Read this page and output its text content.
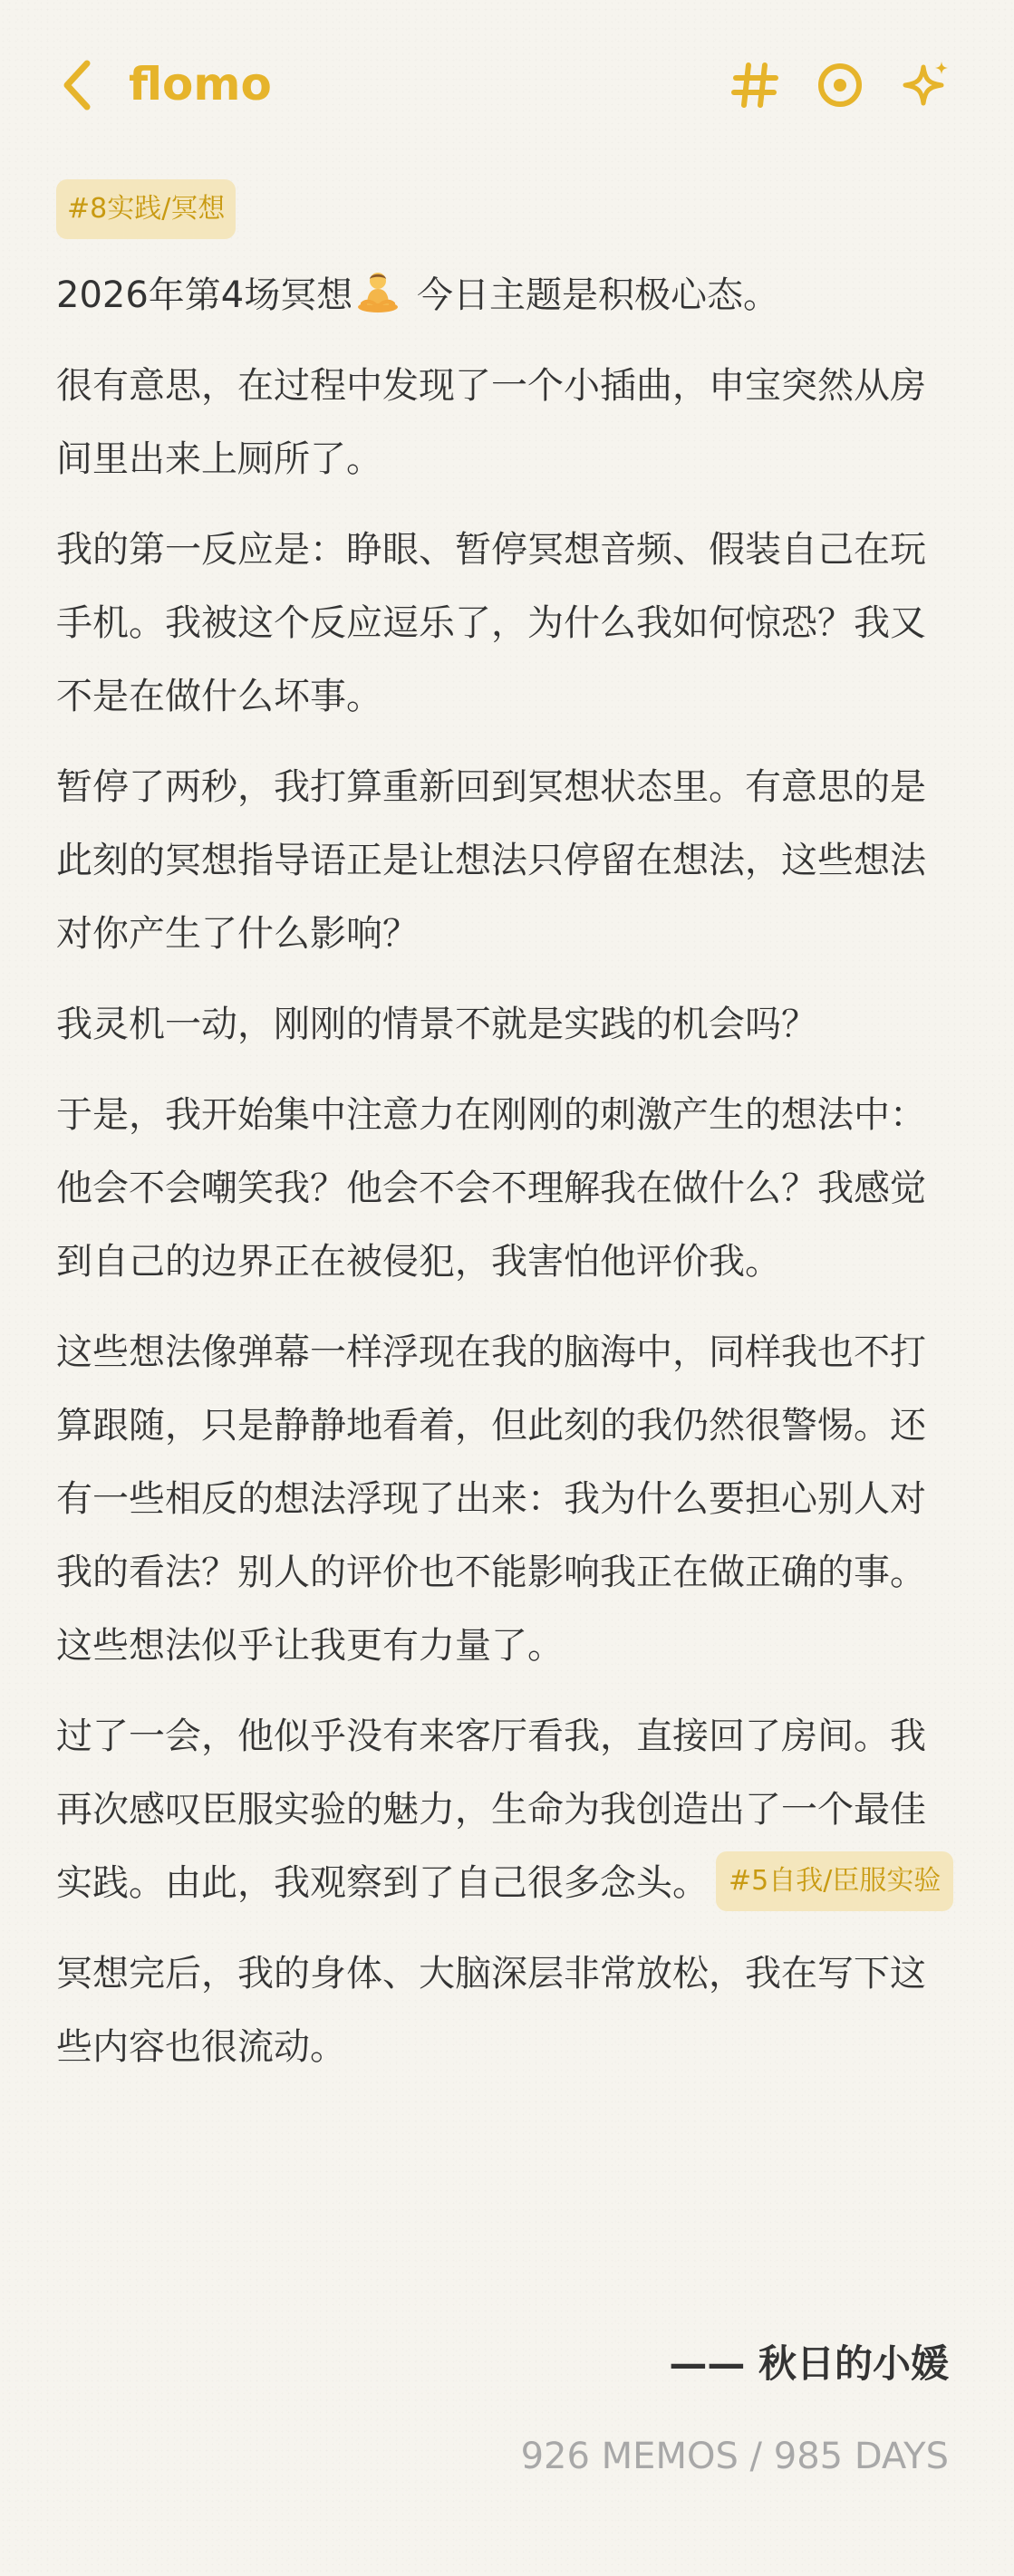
flomo
#8实践/冥想

2026年第4场冥想 今日主题是积极心态。

很有意思，在过程中发现了一个小插曲，申宝突然从房间里出来上厕所了。

我的第一反应是：睁眼、暂停冥想音频、假装自己在玩手机。我被这个反应逗乐了，为什么我如何惊恐？我又不是在做什么坏事。

暂停了两秒，我打算重新回到冥想状态里。有意思的是此刻的冥想指导语正是让想法只停留在想法，这些想法对你产生了什么影响？

我灵机一动，刚刚的情景不就是实践的机会吗？

于是，我开始集中注意力在刚刚的刺激产生的想法中：他会不会嘲笑我？他会不会不理解我在做什么？我感觉到自己的边界正在被侵犯，我害怕他评价我。

这些想法像弹幕一样浮现在我的脑海中，同样我也不打算跟随，只是静静地看着，但此刻的我仍然很警惕。还有一些相反的想法浮现了出来：我为什么要担心别人对我的看法？别人的评价也不能影响我正在做正确的事。这些想法似乎让我更有力量了。

过了一会，他似乎没有来客厅看我，直接回了房间。我再次感叹臣服实验的魅力，生命为我创造出了一个最佳实践。由此，我观察到了自己很多念头。 #5自我/臣服实验

冥想完后，我的身体、大脑深层非常放松，我在写下这些内容也很流动。

—— 秋日的小媛
926 MEMOS / 985 DAYS
